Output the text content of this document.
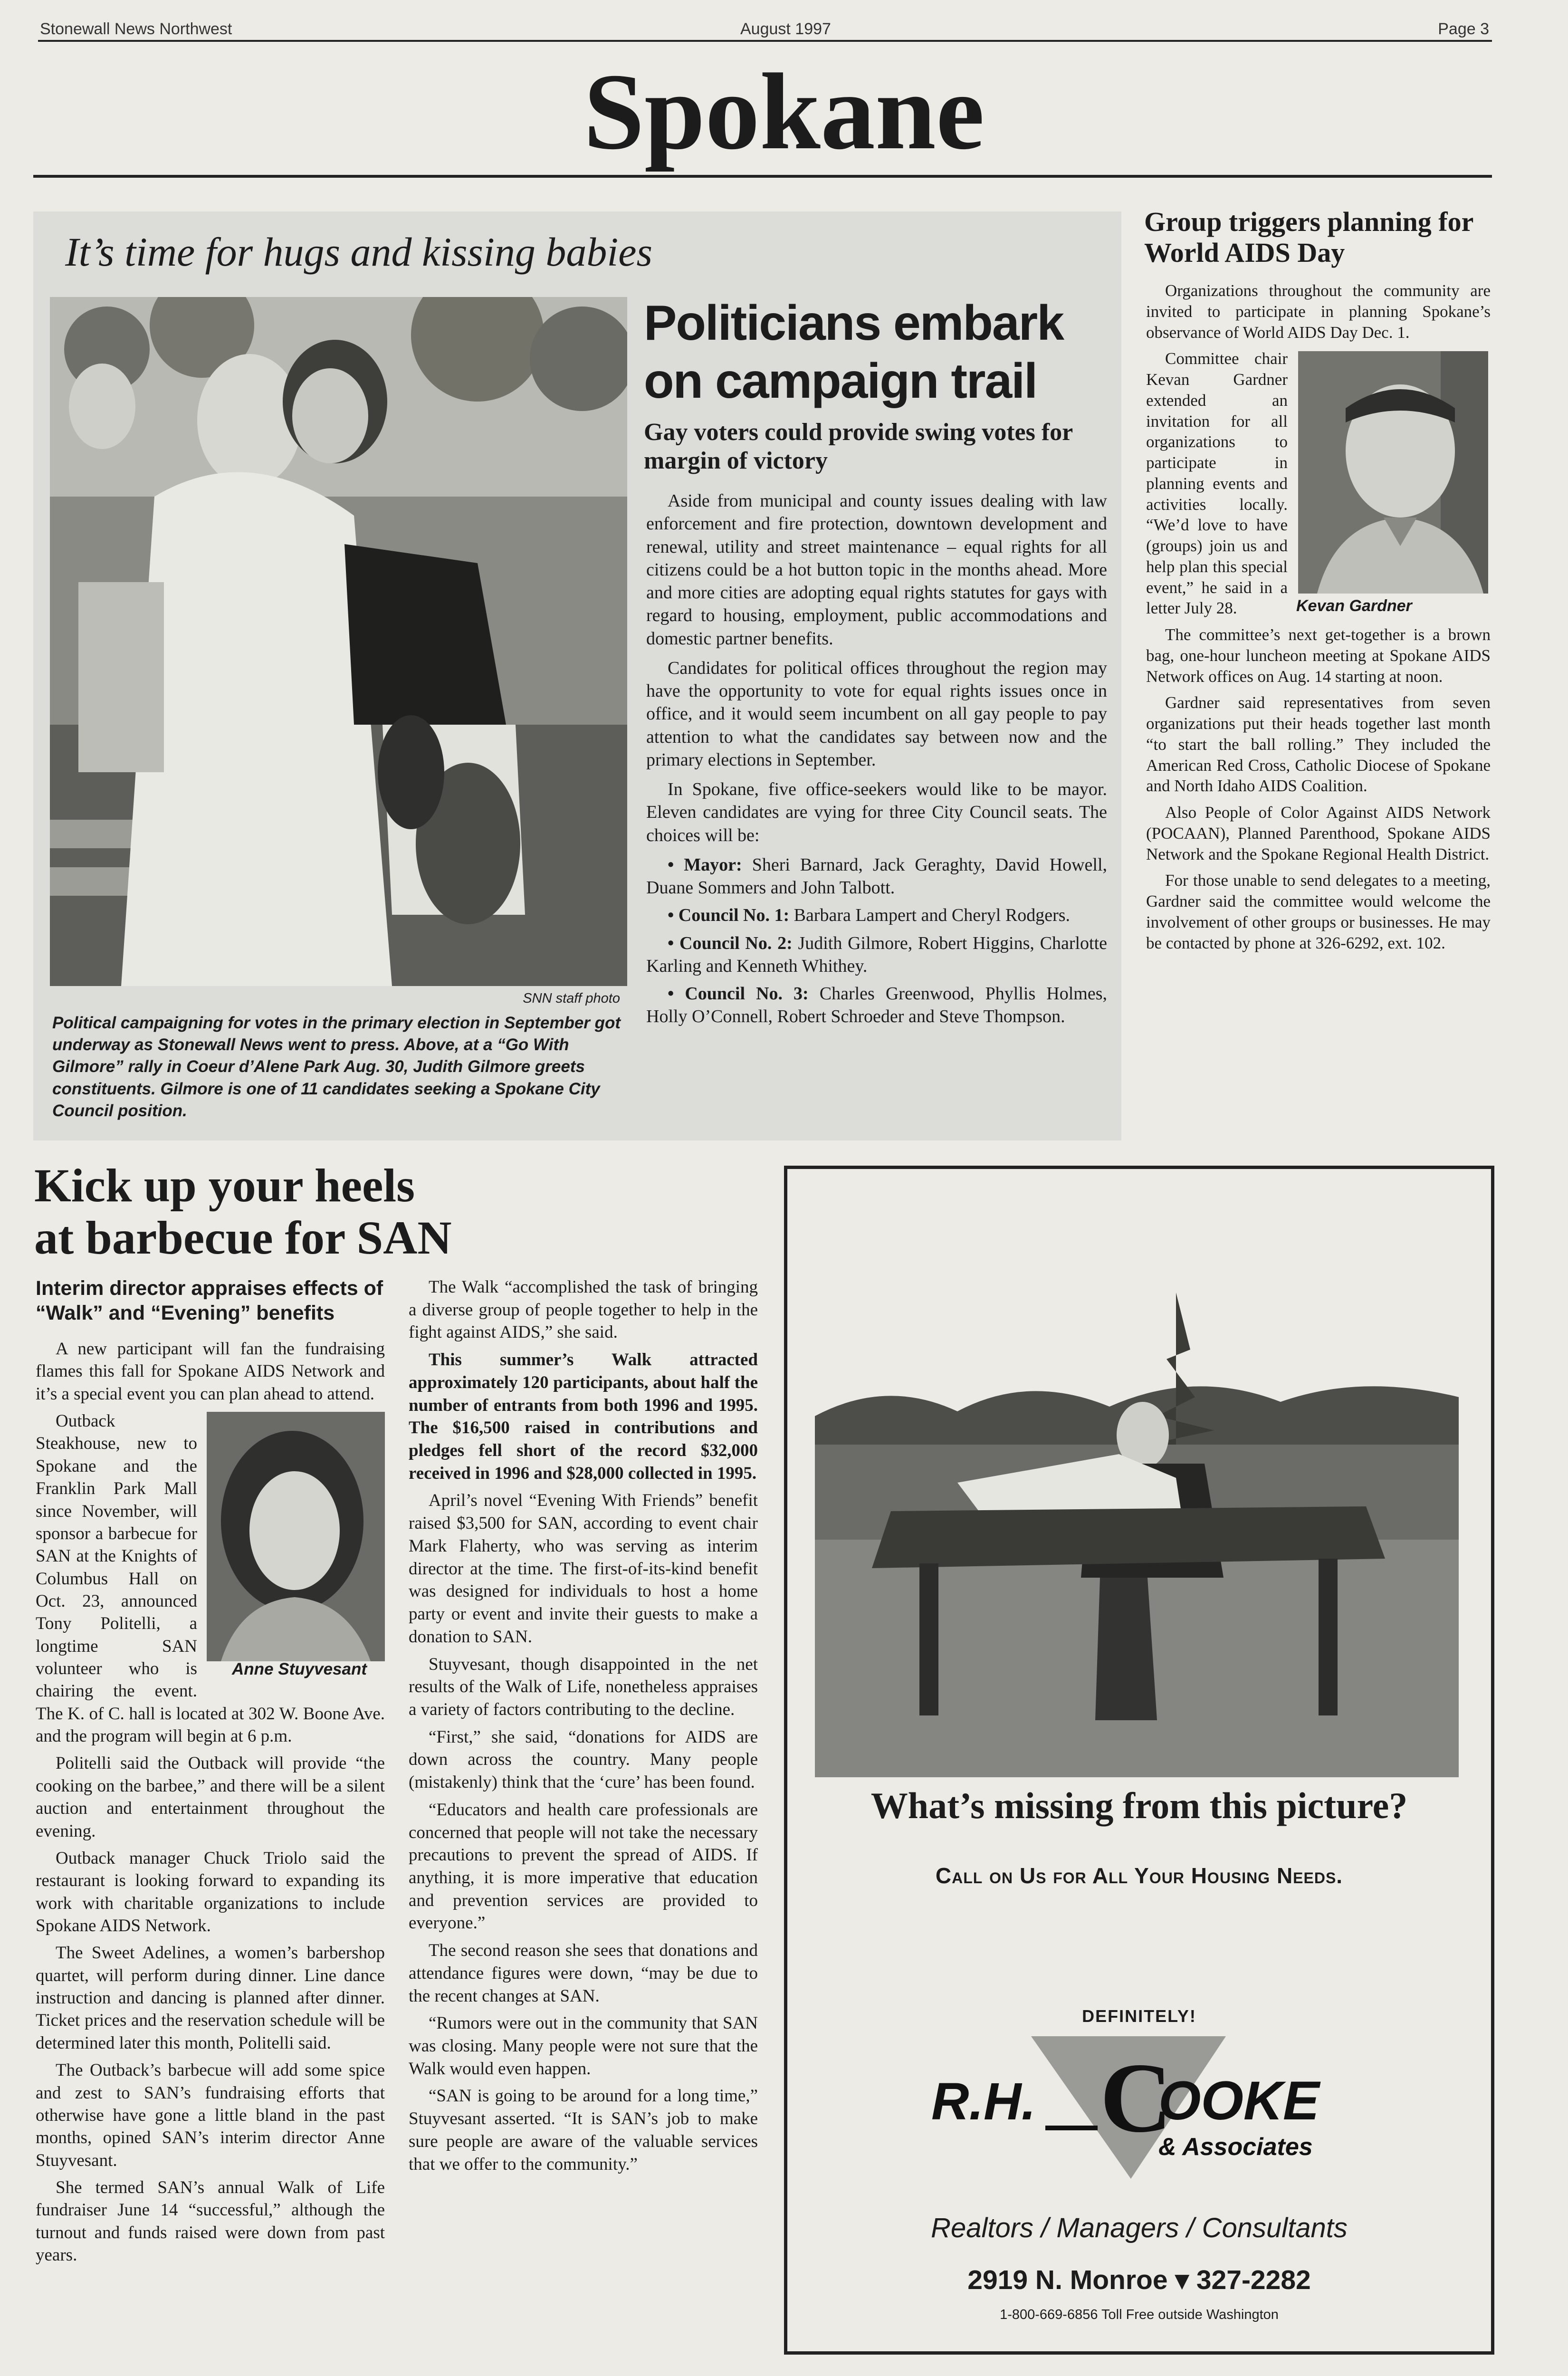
Stonewall News Northwest	August 1997	Page 3
Spokane
It’s time for hugs and kissing babies
SNN staff photo
Political campaigning for votes in the primary election in September got underway as Stonewall News went to press. Above, at a “Go With Gilmore” rally in Coeur d’Alene Park Aug. 30, Judith Gilmore greets constituents. Gilmore is one of 11 candidates seeking a Spokane City Council position.
Politicians embark
on campaign trail
Gay voters could provide swing votes for margin of victory

Aside from municipal and county issues dealing with law enforcement and fire protection, downtown development and renewal, utility and street maintenance – equal rights for all citizens could be a hot button topic in the months ahead. More and more cities are adopting equal rights statutes for gays with regard to housing, employment, public accommodations and domestic partner benefits.

Candidates for political offices throughout the region may have the opportunity to vote for equal rights issues once in office, and it would seem incumbent on all gay people to pay attention to what the candidates say between now and the primary elections in September.

In Spokane, five office-seekers would like to be mayor. Eleven candidates are vying for three City Council seats. The choices will be:

• Mayor: Sheri Barnard, Jack Geraghty, David Howell, Duane Sommers and John Talbott.

• Council No. 1: Barbara Lampert and Cheryl Rodgers.

• Council No. 2: Judith Gilmore, Robert Higgins, Charlotte Karling and Kenneth Whithey.

• Council No. 3: Charles Greenwood, Phyllis Holmes, Holly O’Connell, Robert Schroeder and Steve Thompson.

Group triggers planning for World AIDS Day

Organizations throughout the community are invited to participate in planning Spokane’s observance of World AIDS Day Dec. 1.

Kevan Gardner

Committee chair Kevan Gardner extended an invitation for all organizations to participate in planning events and activities locally. “We’d love to have (groups) join us and help plan this special event,” he said in a letter July 28.

The committee’s next get-together is a brown bag, one-hour luncheon meeting at Spokane AIDS Network offices on Aug. 14 starting at noon.

Gardner said representatives from seven organizations put their heads together last month “to start the ball rolling.” They included the American Red Cross, Catholic Diocese of Spokane and North Idaho AIDS Coalition.

Also People of Color Against AIDS Network (POCAAN), Planned Parenthood, Spokane AIDS Network and the Spokane Regional Health District.

For those unable to send delegates to a meeting, Gardner said the committee would welcome the involvement of other groups or businesses. He may be contacted by phone at 326-6292, ext. 102.

Kick up your heels
at barbecue for SAN
Interim director appraises effects of “Walk” and “Evening” benefits

A new participant will fan the fundraising flames this fall for Spokane AIDS Network and it’s a special event you can plan ahead to attend.

Anne Stuyvesant

Outback Steakhouse, new to Spokane and the Franklin Park Mall since November, will sponsor a barbecue for SAN at the Knights of Columbus Hall on Oct. 23, announced Tony Politelli, a longtime SAN volunteer who is chairing the event. The K. of C. hall is located at 302 W. Boone Ave. and the program will begin at 6 p.m.

Politelli said the Outback will provide “the cooking on the barbee,” and there will be a silent auction and entertainment throughout the evening.

Outback manager Chuck Triolo said the restaurant is looking forward to expanding its work with charitable organizations to include Spokane AIDS Network.

The Sweet Adelines, a women’s barbershop quartet, will perform during dinner. Line dance instruction and dancing is planned after dinner. Ticket prices and the reservation schedule will be determined later this month, Politelli said.

The Outback’s barbecue will add some spice and zest to SAN’s fundraising efforts that otherwise have gone a little bland in the past months, opined SAN’s interim director Anne Stuyvesant.

She termed SAN’s annual Walk of Life fundraiser June 14 “successful,” although the turnout and funds raised were down from past years.

The Walk “accomplished the task of bringing a diverse group of people together to help in the fight against AIDS,” she said.

This summer’s Walk attracted approximately 120 participants, about half the number of entrants from both 1996 and 1995. The $16,500 raised in contributions and pledges fell short of the record $32,000 received in 1996 and $28,000 collected in 1995.

April’s novel “Evening With Friends” benefit raised $3,500 for SAN, according to event chair Mark Flaherty, who was serving as interim director at the time. The first-of-its-kind benefit was designed for individuals to host a home party or event and invite their guests to make a donation to SAN.

Stuyvesant, though disappointed in the net results of the Walk of Life, nonetheless appraises a variety of factors contributing to the decline.

“First,” she said, “donations for AIDS are down across the country. Many people (mistakenly) think that the ‘cure’ has been found.

“Educators and health care professionals are concerned that people will not take the necessary precautions to prevent the spread of AIDS. If anything, it is more imperative that education and prevention services are provided to everyone.”

The second reason she sees that donations and attendance figures were down, “may be due to the recent changes at SAN.

“Rumors were out in the community that SAN was closing. Many people were not sure that the Walk would even happen.

“SAN is going to be around for a long time,” Stuyvesant asserted. “It is SAN’s job to make sure people are aware of the valuable services that we offer to the community.”

What’s missing from this picture?
Call on Us for All Your Housing Needs.
DEFINITELY!
R.H. C
OOKE
& Associates
Realtors / Managers / Consultants
2919 N. Monroe ▾ 327-2282
1-800-669-6856 Toll Free outside Washington
